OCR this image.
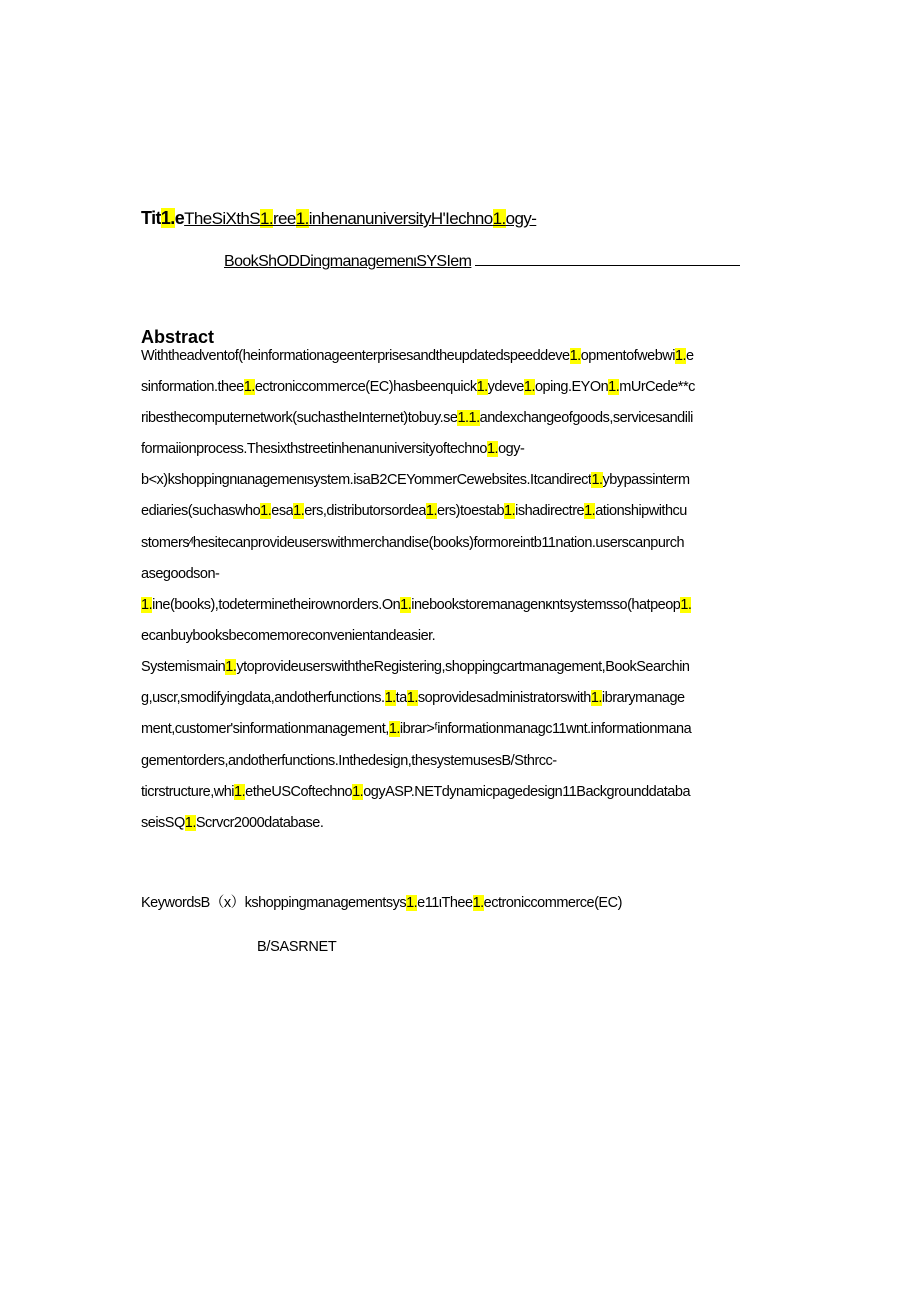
Tit1.eTheSiXthS1.ree1.inhenanuniversityH'Iechno1.ogy-
BookShODDingmanagemenιSYSIem
Abstract
Withtheadventof(heinformationageenterprisesandtheupdatedspeeddeve1.opmentofwebwi1.e
sinformation.thee1.ectroniccommerce(EC)hasbeenquick1.ydeve1.oping.EYOn1.mUrCede**c
ribesthecomputernetwork(suchastheInternet)tobuy.se1.1.andexchangeofgoods,servicesandili
formaiionprocess.Thesixthstreetinhenanuniversityoftechno1.ogy-
b<x)kshoppingnιanagemenιsystem.isaB2CEYommerCewebsites.Itcandirect1.ybypassinterm
ediaries(suchaswho1.esa1.ers,distributorsordea1.ers)toestab1.ishadirectre1.ationshipwithcu
stomers⁄ᶦhesitecanprovideuserswithmerchandise(books)formoreintb11nation.userscanpurch
asegoodson-
1.ine(books),todeterminetheirownorders.On1.inebookstoremanagenκntsystemsso(hatpeop1.
ecanbuybooksbecomemoreconvenientandeasier.
Systemismain1.ytoprovideuserswiththeRegistering,shoppingcartmanagement,BookSearchin
g,uscr,smodifyingdata,andotherfunctions.1.ta1.soprovidesadministratorswith1.ibrarymanage
ment,customer'sinformationmanagement,1.ibrar>ᶠinformationmanagc11wnt.informationmana
gementorders,andotherfunctions.Inthedesign,thesystemusesB/Sthrcc-
ticrstructure,whi1.etheUSCoftechno1.ogyASP.NETdynamicpagedesign11Backgrounddataba
seisSQ1.Scrvcr2000database.
KeywordsB（x）kshoppingmanagementsys1.e11ιThee1.ectroniccommerce(EC)
B/SASRNET
